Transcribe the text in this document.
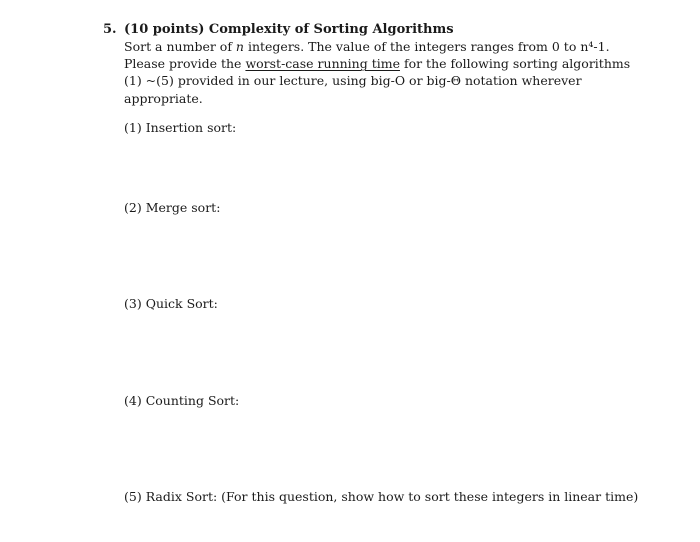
5. (10 points) Complexity of Sorting Algorithms
Sort a number of n integers. The value of the integers ranges from 0 to n⁴-1.
Please provide the worst-case running time for the following sorting algorithms
(1) ~(5) provided in our lecture, using big-O or big-Θ notation wherever
appropriate.
(1) Insertion sort:
(2) Merge sort:
(3) Quick Sort:
(4) Counting Sort:
(5) Radix Sort: (For this question, show how to sort these integers in linear time)
